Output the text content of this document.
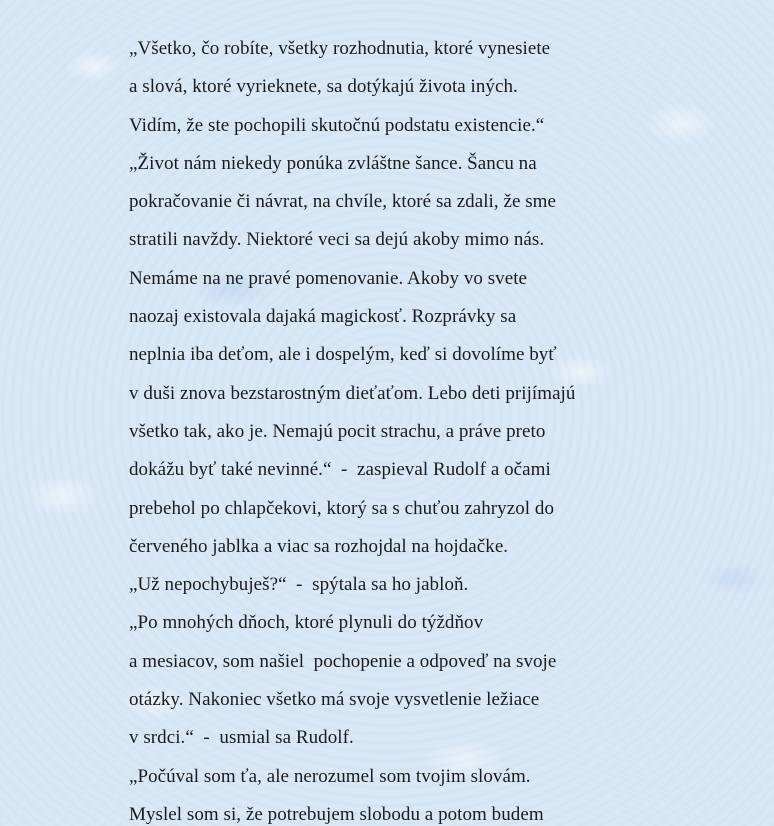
„Všetko, čo robíte, všetky rozhodnutia, ktoré vynesiete
a slová, ktoré vyrieknete, sa dotýkajú života iných.
Vidím, že ste pochopili skutočnú podstatu existencie.“
„Život nám niekedy ponúka zvláštne šance. Šancu na
pokračovanie či návrat, na chvíle, ktoré sa zdali, že sme
stratili navždy. Niektoré veci sa dejú akoby mimo nás.
Nemáme na ne pravé pomenovanie. Akoby vo svete
naozaj existovala dajaká magickosť. Rozprávky sa
neplnia iba deťom, ale i dospelým, keď si dovolíme byť
v duši znova bezstarostným dieťaťom. Lebo deti prijímajú
všetko tak, ako je. Nemajú pocit strachu, a práve preto
dokážu byť také nevinné.“  -  zaspieval Rudolf a očami
prebehol po chlapčekovi, ktorý sa s chuťou zahryzol do
červeného jablka a viac sa rozhojdal na hojdačke.
„Už nepochybuješ?“  -  spýtala sa ho jabloň.
„Po mnohých dňoch, ktoré plynuli do týždňov
a mesiacov, som našiel  pochopenie a odpoveď na svoje
otázky. Nakoniec všetko má svoje vysvetlenie ležiace
v srdci.“  -  usmial sa Rudolf.
„Počúval som ťa, ale nerozumel som tvojim slovám.
Myslel som si, že potrebujem slobodu a potom budem
